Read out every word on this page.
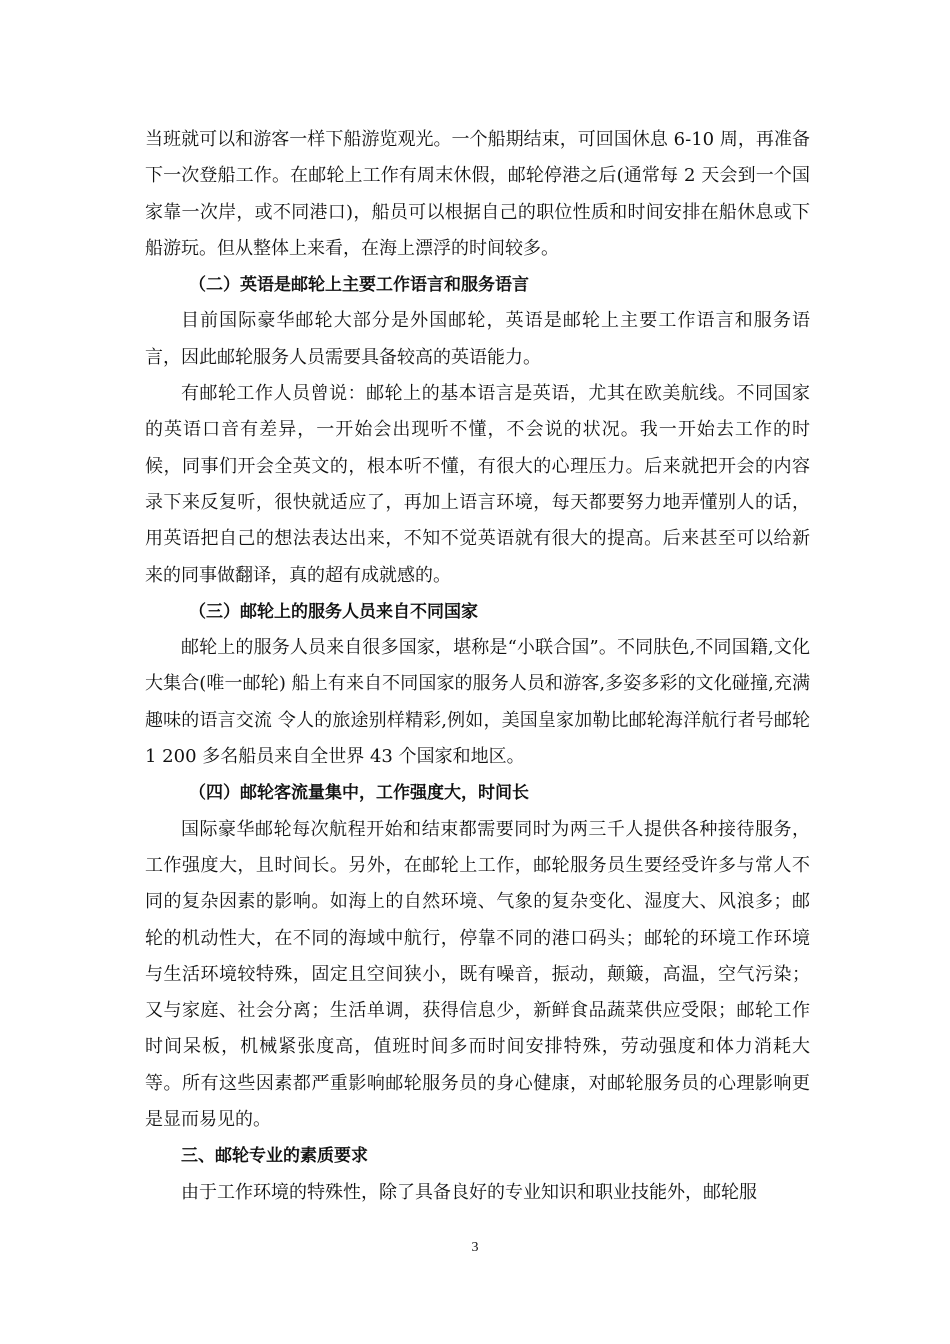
当班就可以和游客一样下船游览观光。一个船期结束，可回国休息 6-10 周，再准备下一次登船工作。在邮轮上工作有周末休假，邮轮停港之后(通常每 2 天会到一个国家靠一次岸，或不同港口)，船员可以根据自己的职位性质和时间安排在船休息或下船游玩。但从整体上来看，在海上漂浮的时间较多。

（二）英语是邮轮上主要工作语言和服务语言

目前国际豪华邮轮大部分是外国邮轮，英语是邮轮上主要工作语言和服务语言，因此邮轮服务人员需要具备较高的英语能力。

有邮轮工作人员曾说：邮轮上的基本语言是英语，尤其在欧美航线。不同国家的英语口音有差异，一开始会出现听不懂，不会说的状况。我一开始去工作的时候，同事们开会全英文的，根本听不懂，有很大的心理压力。后来就把开会的内容录下来反复听，很快就适应了，再加上语言环境，每天都要努力地弄懂别人的话，用英语把自己的想法表达出来，不知不觉英语就有很大的提高。后来甚至可以给新来的同事做翻译，真的超有成就感的。

（三）邮轮上的服务人员来自不同国家

邮轮上的服务人员来自很多国家，堪称是“小联合国”。不同肤色,不同国籍,文化大集合(唯一邮轮) 船上有来自不同国家的服务人员和游客,多姿多彩的文化碰撞,充满趣味的语言交流 令人的旅途别样精彩,例如，美国皇家加勒比邮轮海洋航行者号邮轮 1 200 多名船员来自全世界 43 个国家和地区。

（四）邮轮客流量集中，工作强度大，时间长

国际豪华邮轮每次航程开始和结束都需要同时为两三千人提供各种接待服务，工作强度大，且时间长。另外，在邮轮上工作，邮轮服务员生要经受许多与常人不同的复杂因素的影响。如海上的自然环境、气象的复杂变化、湿度大、风浪多；邮轮的机动性大，在不同的海域中航行，停靠不同的港口码头；邮轮的环境工作环境与生活环境较特殊，固定且空间狭小，既有噪音，振动，颠簸，高温，空气污染；又与家庭、社会分离；生活单调，获得信息少，新鲜食品蔬菜供应受限；邮轮工作时间呆板，机械紧张度高，值班时间多而时间安排特殊，劳动强度和体力消耗大等。所有这些因素都严重影响邮轮服务员的身心健康，对邮轮服务员的心理影响更是显而易见的。

三、邮轮专业的素质要求

由于工作环境的特殊性，除了具备良好的专业知识和职业技能外，邮轮服

3
